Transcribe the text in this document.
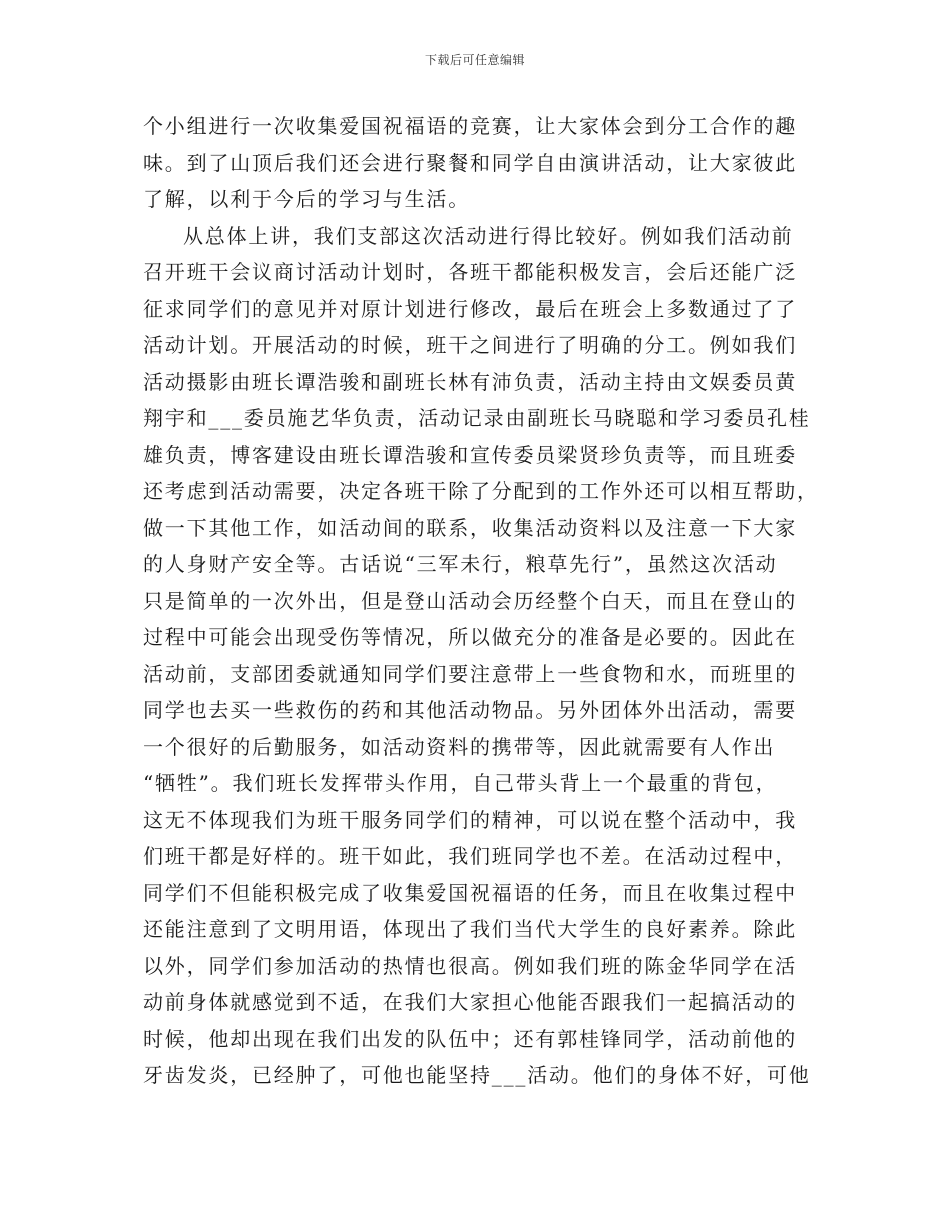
下载后可任意编辑
个小组进行一次收集爱国祝福语的竞赛，让大家体会到分工合作的趣
味。到了山顶后我们还会进行聚餐和同学自由演讲活动，让大家彼此
了解，以利于今后的学习与生活。
从总体上讲，我们支部这次活动进行得比较好。例如我们活动前
召开班干会议商讨活动计划时，各班干都能积极发言，会后还能广泛
征求同学们的意见并对原计划进行修改，最后在班会上多数通过了了
活动计划。开展活动的时候，班干之间进行了明确的分工。例如我们
活动摄影由班长谭浩骏和副班长林有沛负责，活动主持由文娱委员黄
翔宇和___委员施艺华负责，活动记录由副班长马晓聪和学习委员孔桂
雄负责，博客建设由班长谭浩骏和宣传委员梁贤珍负责等，而且班委
还考虑到活动需要，决定各班干除了分配到的工作外还可以相互帮助，
做一下其他工作，如活动间的联系，收集活动资料以及注意一下大家
的人身财产安全等。古话说“三军未行，粮草先行”，虽然这次活动
只是简单的一次外出，但是登山活动会历经整个白天，而且在登山的
过程中可能会出现受伤等情况，所以做充分的准备是必要的。因此在
活动前，支部团委就通知同学们要注意带上一些食物和水，而班里的
同学也去买一些救伤的药和其他活动物品。另外团体外出活动，需要
一个很好的后勤服务，如活动资料的携带等，因此就需要有人作出
“牺牲”。我们班长发挥带头作用，自己带头背上一个最重的背包，
这无不体现我们为班干服务同学们的精神，可以说在整个活动中，我
们班干都是好样的。班干如此，我们班同学也不差。在活动过程中，
同学们不但能积极完成了收集爱国祝福语的任务，而且在收集过程中
还能注意到了文明用语，体现出了我们当代大学生的良好素养。除此
以外，同学们参加活动的热情也很高。例如我们班的陈金华同学在活
动前身体就感觉到不适，在我们大家担心他能否跟我们一起搞活动的
时候，他却出现在我们出发的队伍中；还有郭桂锋同学，活动前他的
牙齿发炎，已经肿了，可他也能坚持___活动。他们的身体不好，可他
